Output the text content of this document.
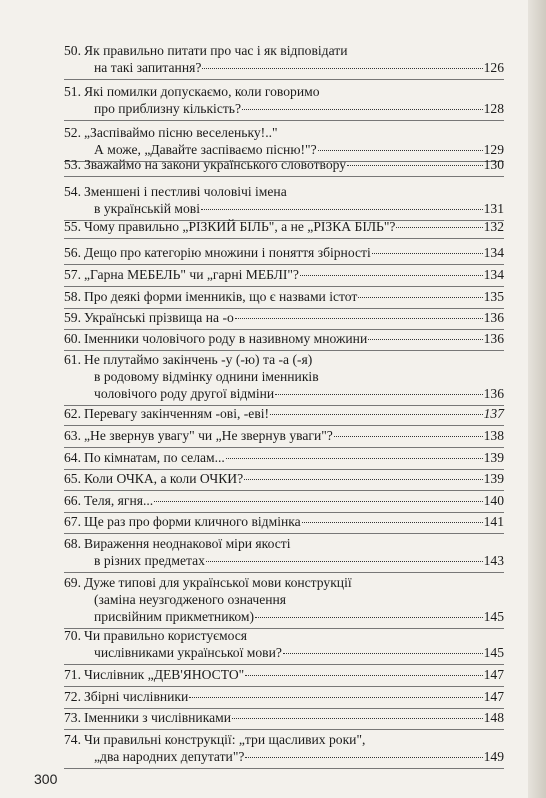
50. Як правильно питати про час і як відповідати
на такі запитання?	126
51. Які помилки допускаємо, коли говоримо
про приблизну кількість?	128
52. „Заспіваймо пісню веселеньку!.."
А може, „Давайте заспіваємо пісню!"?	129
53. Зважаймо на закони українського словотвору	130
54. Зменшені і пестливі чоловічі імена
в українській мові	131
55. Чому правильно „РІЗКИЙ БІЛЬ", а не „РІЗКА БІЛЬ"?	132
56. Дещо про категорію множини і поняття збірності	134
57. „Гарна МЕБЕЛЬ" чи „гарні МЕБЛІ"?	134
58. Про деякі форми іменників, що є назвами істот	135
59. Українські прізвища на -о	136
60. Іменники чоловічого роду в називному множини	136
61. Не плутаймо закінчень -у (-ю) та -а (-я)
в родовому відмінку однини іменників
чоловічого роду другої відміни	136
62. Перевагу закінченням -ові, -еві!	137
63. „Не звернув увагу" чи „Не звернув уваги"?	138
64. По кімнатам, по селам...	139
65. Коли ОЧКА, а коли ОЧКИ?	139
66. Теля, ягня...	140
67. Ще раз про форми кличного відмінка	141
68. Вираження неоднакової міри якості
в різних предметах	143
69. Дуже типові для української мови конструкції
(заміна неузгодженого означення
присвійним прикметником)	145
70. Чи правильно користуємося
числівниками української мови?	145
71. Числівник „ДЕВ'ЯНОСТО"	147
72. Збірні числівники	147
73. Іменники з числівниками	148
74. Чи правильні конструкції: „три щасливих роки",
„два народних депутати"?	149
300
